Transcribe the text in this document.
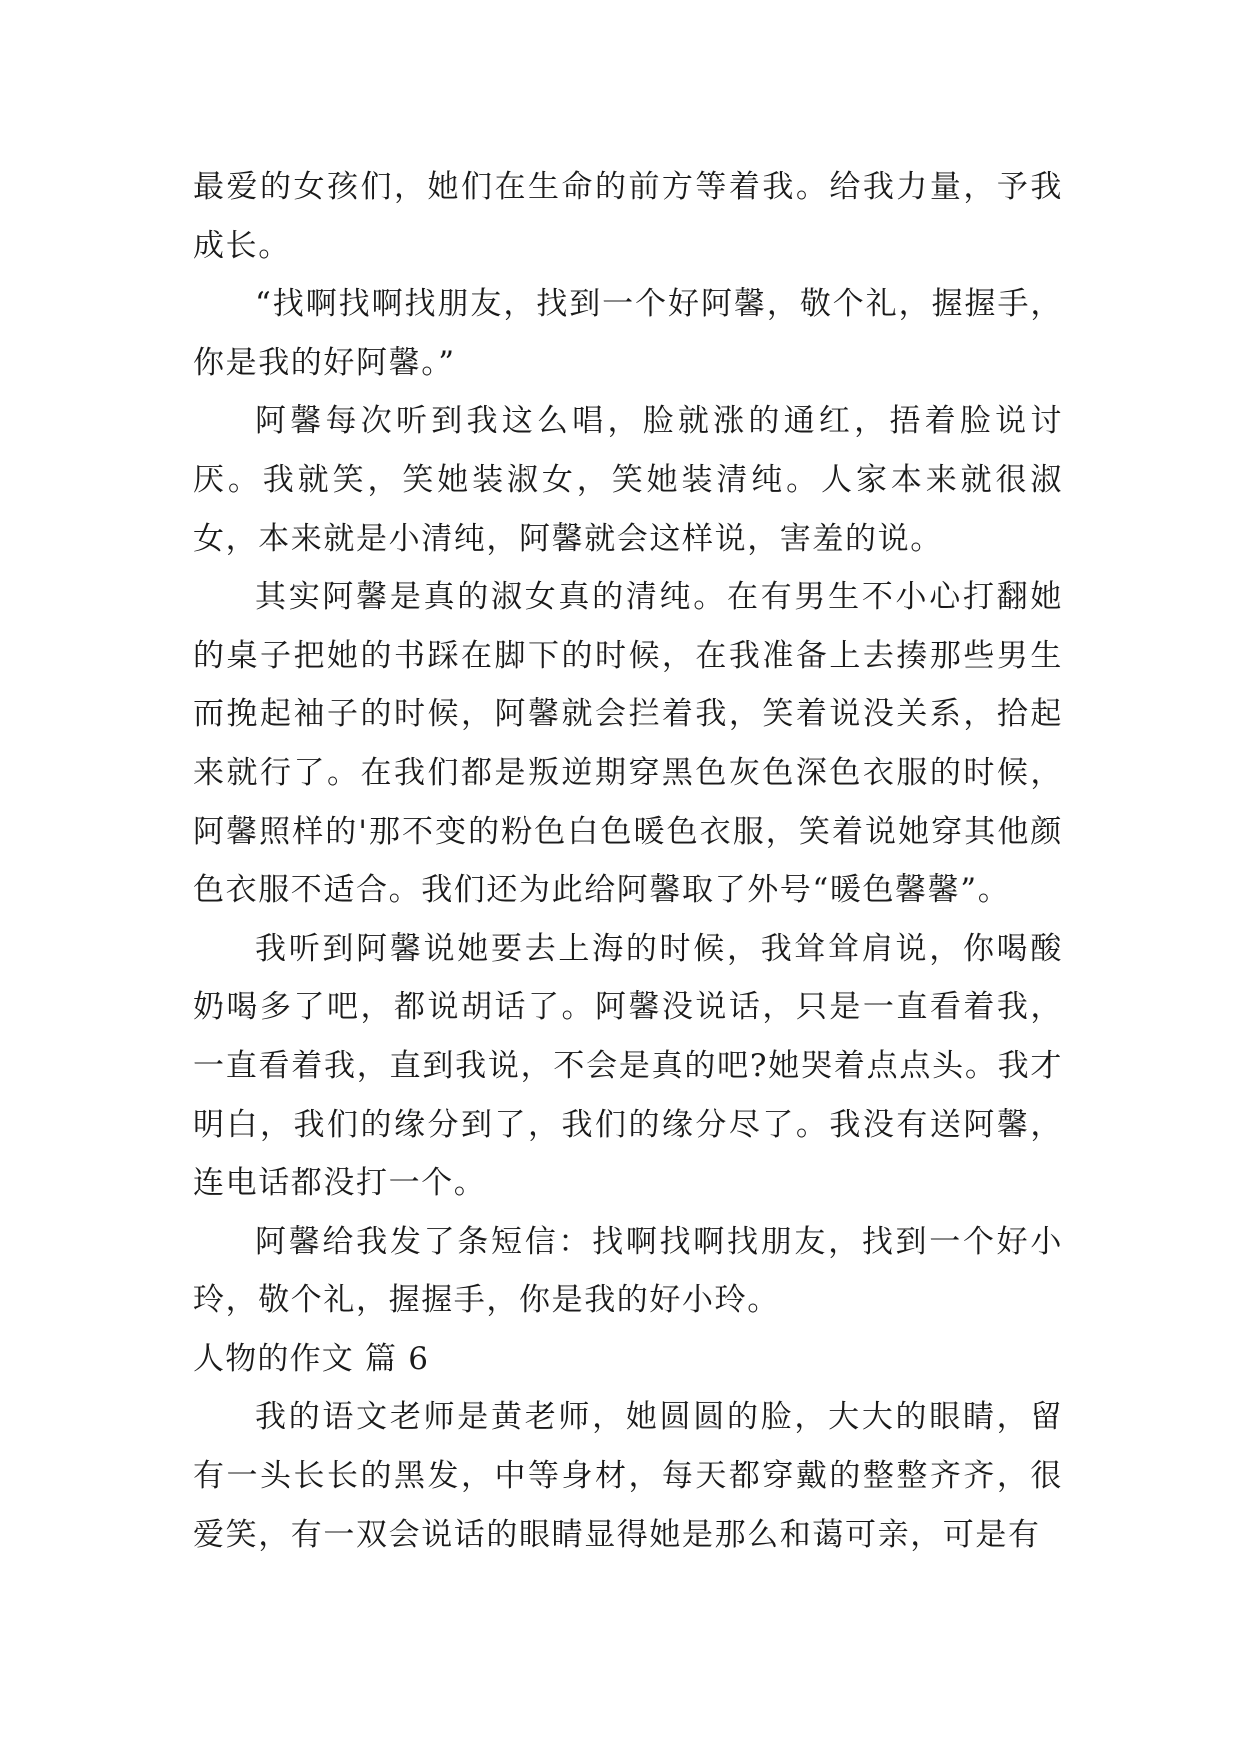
最爱的女孩们，她们在生命的前方等着我。给我力量，予我成长。

“找啊找啊找朋友，找到一个好阿馨，敬个礼，握握手，你是我的好阿馨。”

阿馨每次听到我这么唱，脸就涨的通红，捂着脸说讨厌。我就笑，笑她装淑女，笑她装清纯。人家本来就很淑女，本来就是小清纯，阿馨就会这样说，害羞的说。

其实阿馨是真的淑女真的清纯。在有男生不小心打翻她的桌子把她的书踩在脚下的时候，在我准备上去揍那些男生而挽起袖子的时候，阿馨就会拦着我，笑着说没关系，拾起来就行了。在我们都是叛逆期穿黑色灰色深色衣服的时候，阿馨照样的'那不变的粉色白色暖色衣服，笑着说她穿其他颜色衣服不适合。我们还为此给阿馨取了外号“暖色馨馨”。

我听到阿馨说她要去上海的时候，我耸耸肩说，你喝酸奶喝多了吧，都说胡话了。阿馨没说话，只是一直看着我，一直看着我，直到我说，不会是真的吧?她哭着点点头。我才明白，我们的缘分到了，我们的缘分尽了。我没有送阿馨，连电话都没打一个。

阿馨给我发了条短信：找啊找啊找朋友，找到一个好小玲，敬个礼，握握手，你是我的好小玲。

人物的作文 篇 6

我的语文老师是黄老师，她圆圆的脸，大大的眼睛，留有一头长长的黑发，中等身材，每天都穿戴的整整齐齐，很爱笑，有一双会说话的眼睛显得她是那么和蔼可亲，可是有
